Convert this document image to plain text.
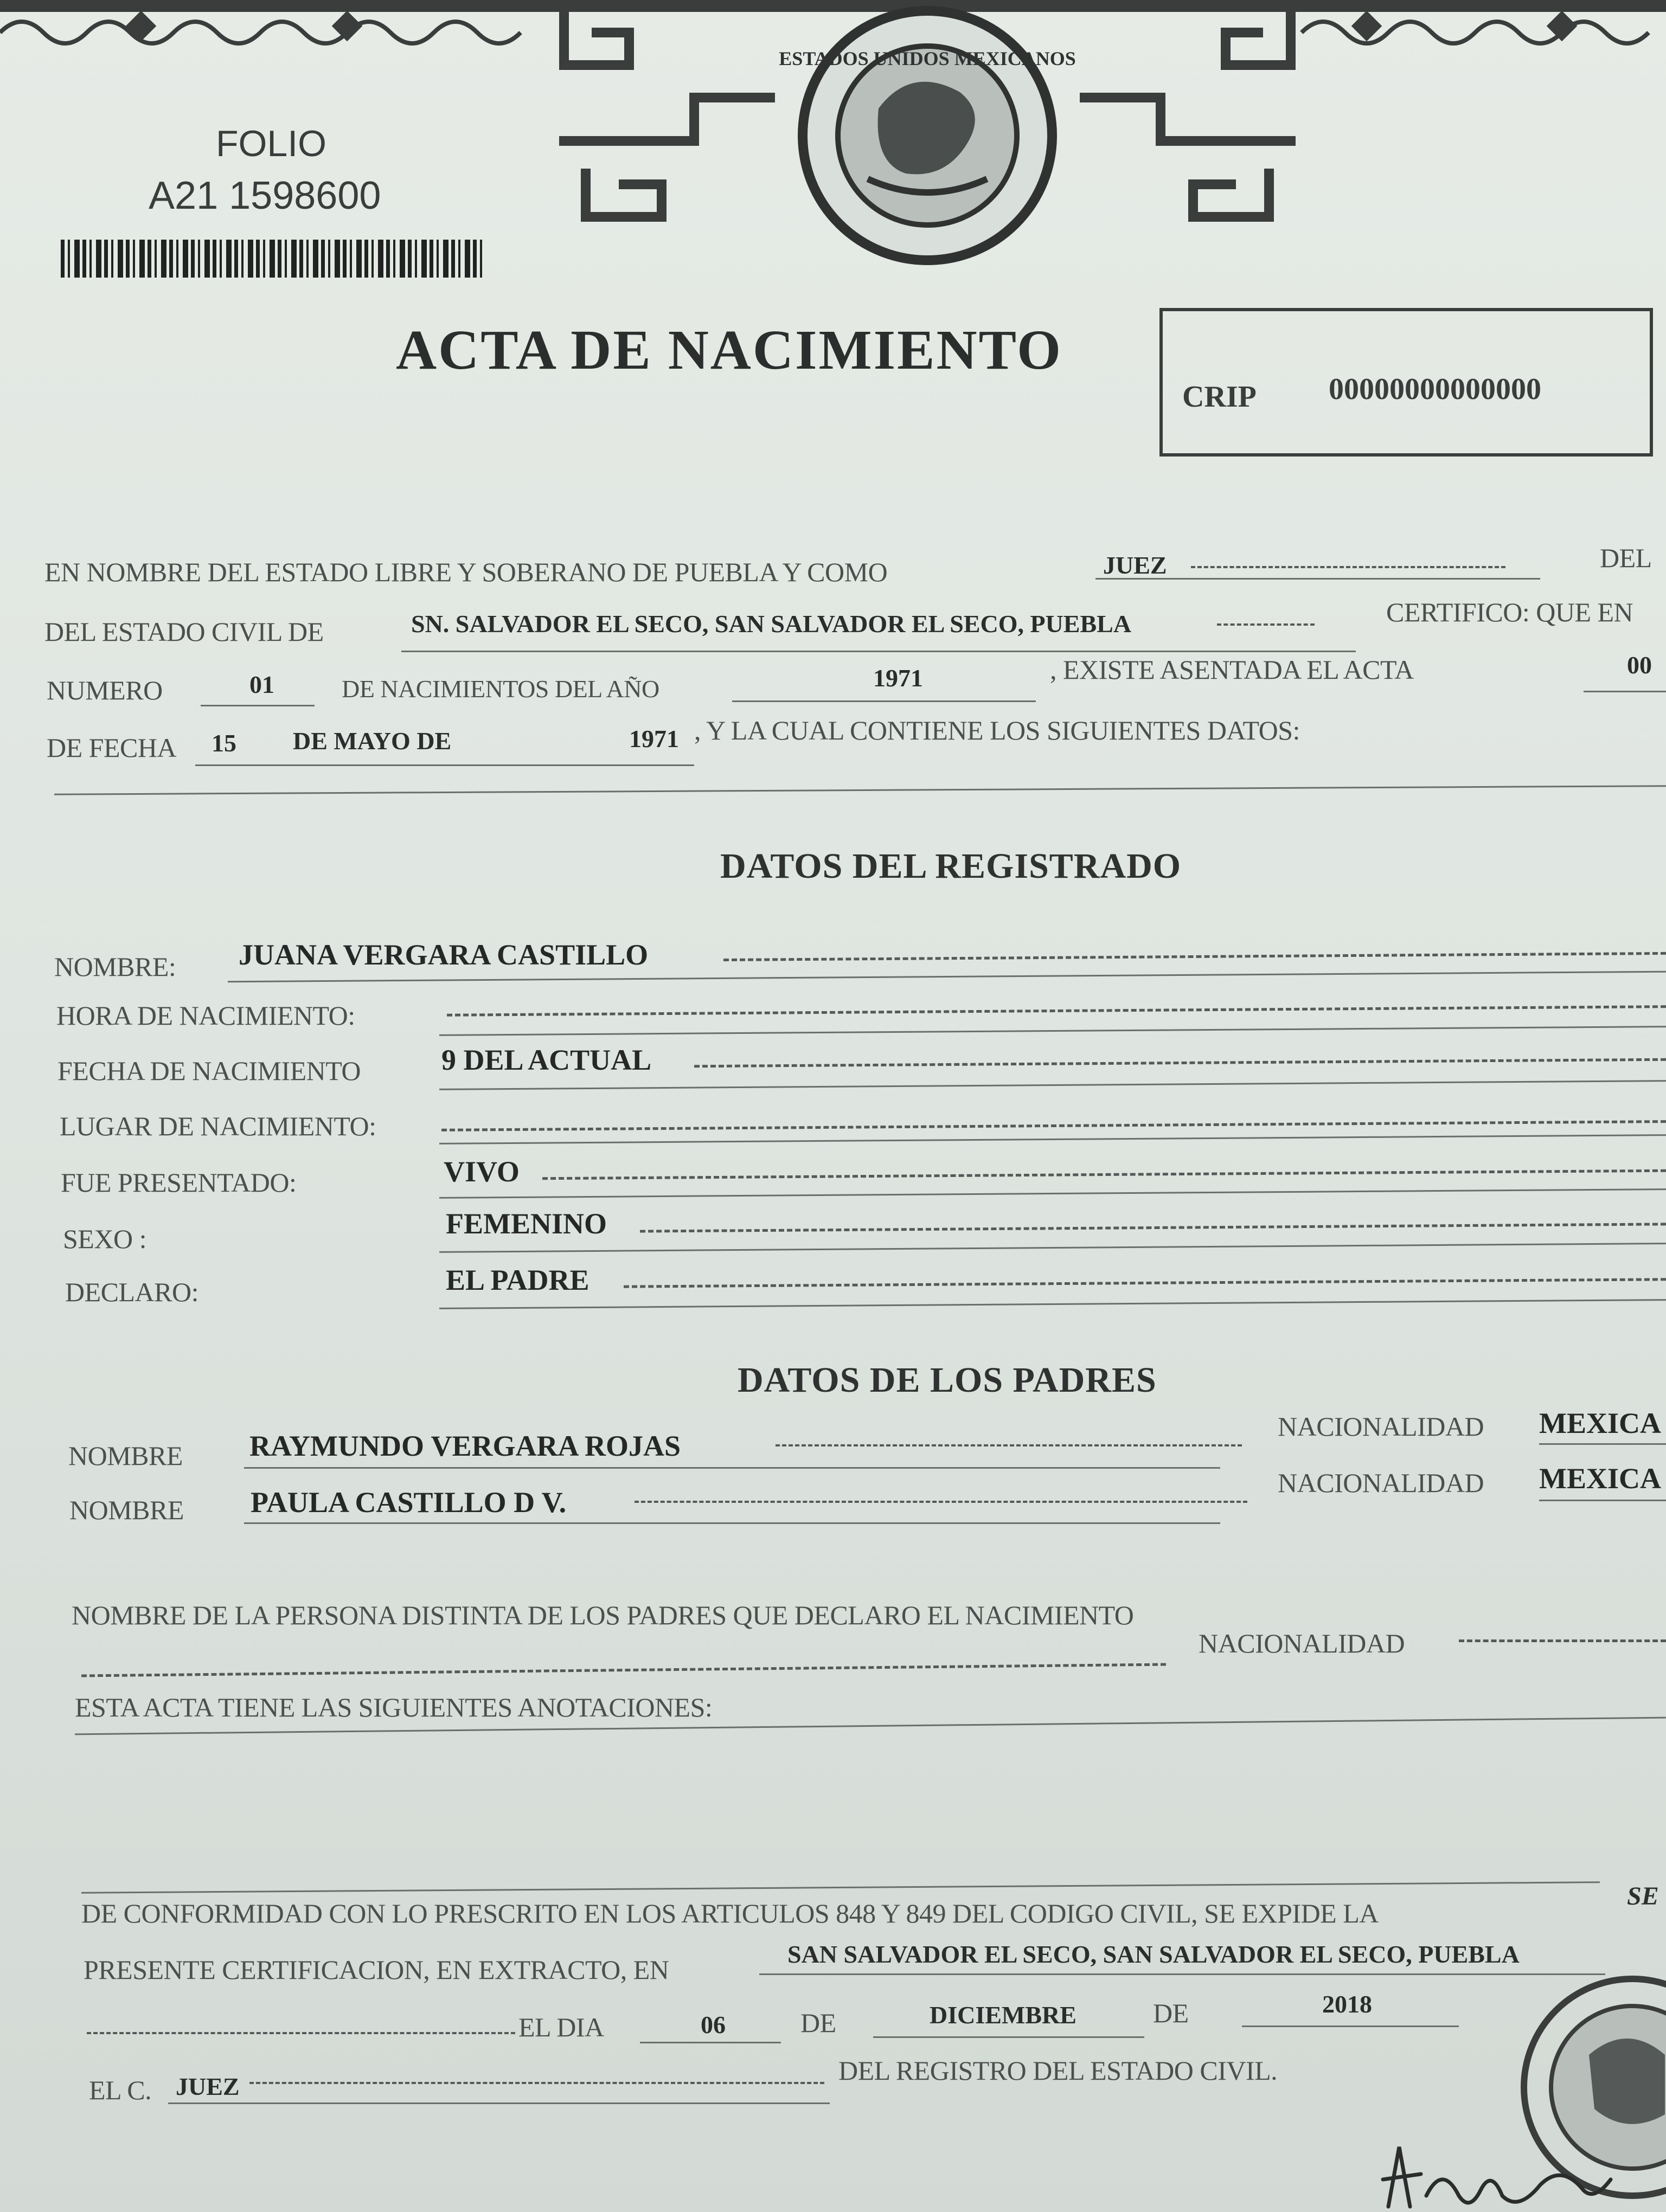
ESTADOS UNIDOS MEXICANOS
FOLIO
A21 1598600
ACTA DE NACIMIENTO
CRIP 00000000000000
EN NOMBRE DEL ESTADO LIBRE Y SOBERANO DE PUEBLA Y COMO	JUEZ	DEL
DEL ESTADO CIVIL DE	SN. SALVADOR EL SECO, SAN SALVADOR EL SECO, PUEBLA	CERTIFICO: QUE EN
NUMERO	01	DE NACIMIENTOS DEL AÑO	1971	, EXISTE ASENTADA EL ACTA	00
DE FECHA 15 DE MAYO DE	1971 , Y LA CUAL CONTIENE LOS SIGUIENTES DATOS:
DATOS DEL REGISTRADO
NOMBRE: JUANA VERGARA CASTILLO
HORA DE NACIMIENTO:
FECHA DE NACIMIENTO	9 DEL ACTUAL
LUGAR DE NACIMIENTO:
FUE PRESENTADO:	VIVO
SEXO :	FEMENINO
DECLARO:	EL PADRE
DATOS DE LOS PADRES
NOMBRE RAYMUNDO VERGARA ROJAS
NACIONALIDAD MEXICA
NOMBRE PAULA CASTILLO D V.
NACIONALIDAD MEXICA
NOMBRE DE LA PERSONA DISTINTA DE LOS PADRES QUE DECLARO EL NACIMIENTO
NACIONALIDAD
ESTA ACTA TIENE LAS SIGUIENTES ANOTACIONES:
DE CONFORMIDAD CON LO PRESCRITO EN LOS ARTICULOS 848 Y 849 DEL CODIGO CIVIL, SE EXPIDE LA
SE
PRESENTE CERTIFICACION, EN EXTRACTO, EN
SAN SALVADOR EL SECO, SAN SALVADOR EL SECO, PUEBLA
EL DIA	06	DE	DICIEMBRE	DE	2018
EL C. JUEZ
DEL REGISTRO DEL ESTADO CIVIL.
